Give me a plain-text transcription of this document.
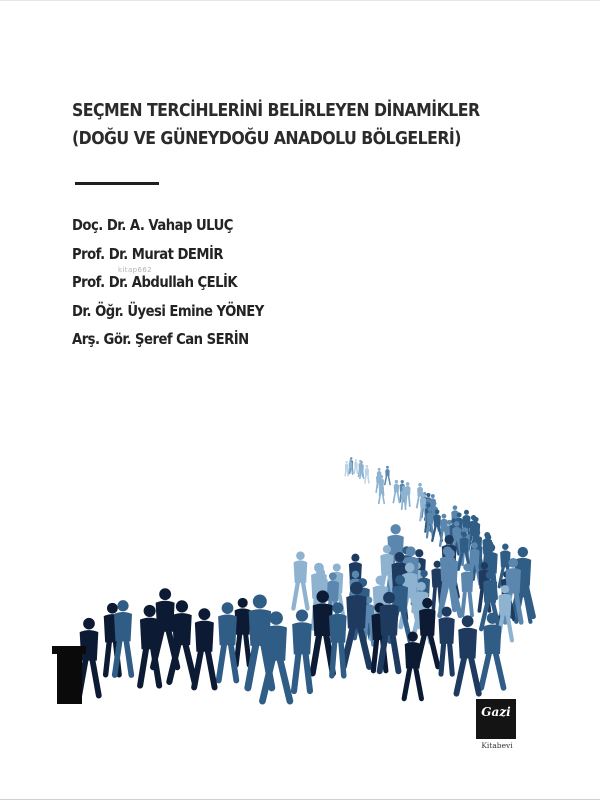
SEÇMEN TERCİHLERİNİ BELİRLEYEN DİNAMİKLER
(DOĞU VE GÜNEYDOĞU ANADOLU BÖLGELERİ)
Doç. Dr. A. Vahap ULUÇ
Prof. Dr. Murat DEMİR
Prof. Dr. Abdullah ÇELİK
Dr. Öğr. Üyesi Emine YÖNEY
Arş. Gör. Şeref Can SERİN
kitap662
Gazi
Kitabevi
